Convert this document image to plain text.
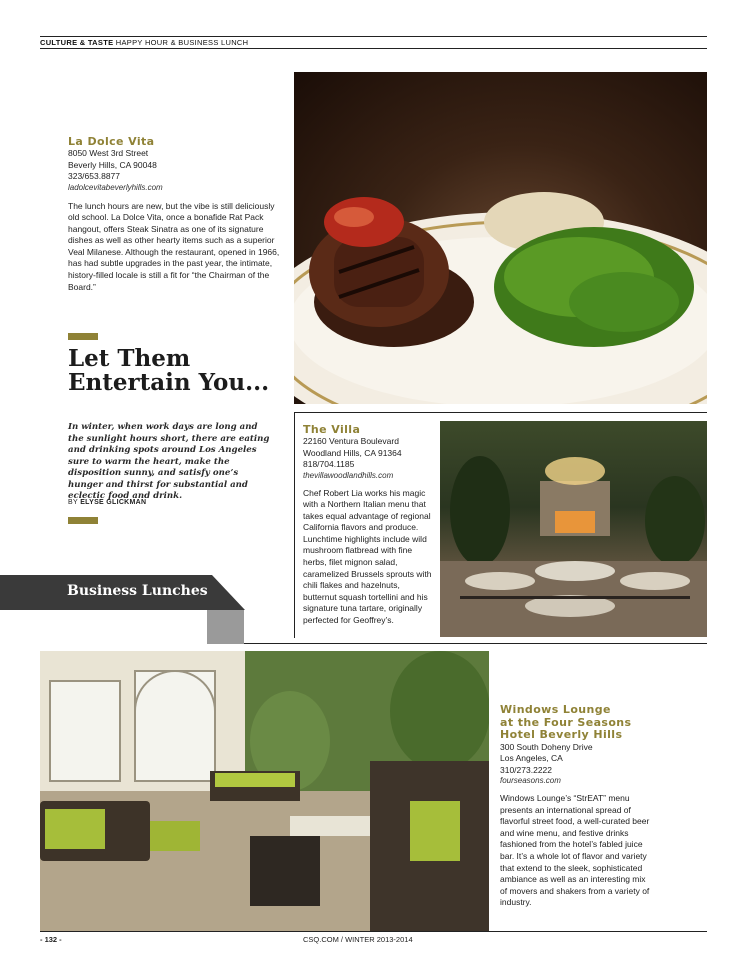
CULTURE & TASTE HAPPY HOUR & BUSINESS LUNCH
La Dolce Vita
8050 West 3rd Street
Beverly Hills, CA 90048
323/653.8877
ladolcevitabeverlyhills.com
The lunch hours are new, but the vibe is still deliciously old school. La Dolce Vita, once a bonafide Rat Pack hangout, offers Steak Sinatra as one of its signature dishes as well as other hearty items such as a superior Veal Milanese. Although the restaurant, opened in 1966, has had subtle upgrades in the past year, the intimate, history-filled locale is still a fit for “the Chairman of the Board.”
Let Them
Entertain You...
In winter, when work days are long and the sunlight hours short, there are eating and drinking spots around Los Angeles sure to warm the heart, make the disposition sunny, and satisfy one’s hunger and thirst for substantial and eclectic food and drink.
BY ELYSE GLICKMAN
Business Lunches
The Villa
22160 Ventura Boulevard
Woodland Hills, CA 91364
818/704.1185
thevillawoodlandhills.com
Chef Robert Lia works his magic with a Northern Italian menu that takes equal advantage of regional California flavors and produce. Lunchtime highlights include wild mushroom flatbread with fine herbs, filet mignon salad, caramelized Brussels sprouts with chili flakes and hazelnuts, butternut squash tortellini and his signature tuna tartare, originally perfected for Geoffrey’s.
Windows Lounge
at the Four Seasons
Hotel Beverly Hills
300 South Doheny Drive
Los Angeles, CA
310/273.2222
fourseasons.com
Windows Lounge’s “StrEAT” menu presents an international spread of flavorful street food, a well-curated beer and wine menu, and festive drinks fashioned from the hotel’s fabled juice bar. It’s a whole lot of flavor and variety that extend to the sleek, sophisticated ambiance as well as an interesting mix of movers and shakers from a variety of industry.
- 132 -	CSQ.COM / WINTER 2013-2014
